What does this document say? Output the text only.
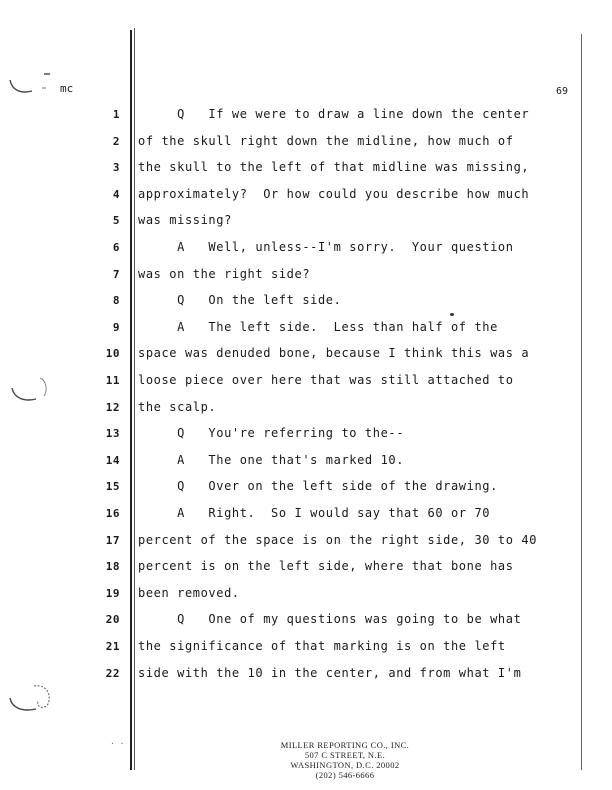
mc	69
1 Q   If we were to draw a line down the center
2 of the skull right down the midline, how much of
3 the skull to the left of that midline was missing,
4 approximately?  Or how could you describe how much
5 was missing?
6 A   Well, unless--I'm sorry.  Your question
7 was on the right side?
8 Q   On the left side.
9 A   The left side.  Less than half of the
10 space was denuded bone, because I think this was a
11 loose piece over here that was still attached to
12 the scalp.
13 Q   You're referring to the--
14 A   The one that's marked 10.
15 Q   Over on the left side of the drawing.
16 A   Right.  So I would say that 60 or 70
17 percent of the space is on the right side, 30 to 40
18 percent is on the left side, where that bone has
19 been removed.
20 Q   One of my questions was going to be what
21 the significance of that marking is on the left
22 side with the 10 in the center, and from what I'm
. .	MILLER REPORTING CO., INC.
507 C STREET, N.E.
WASHINGTON, D.C. 20002
(202) 546-6666
